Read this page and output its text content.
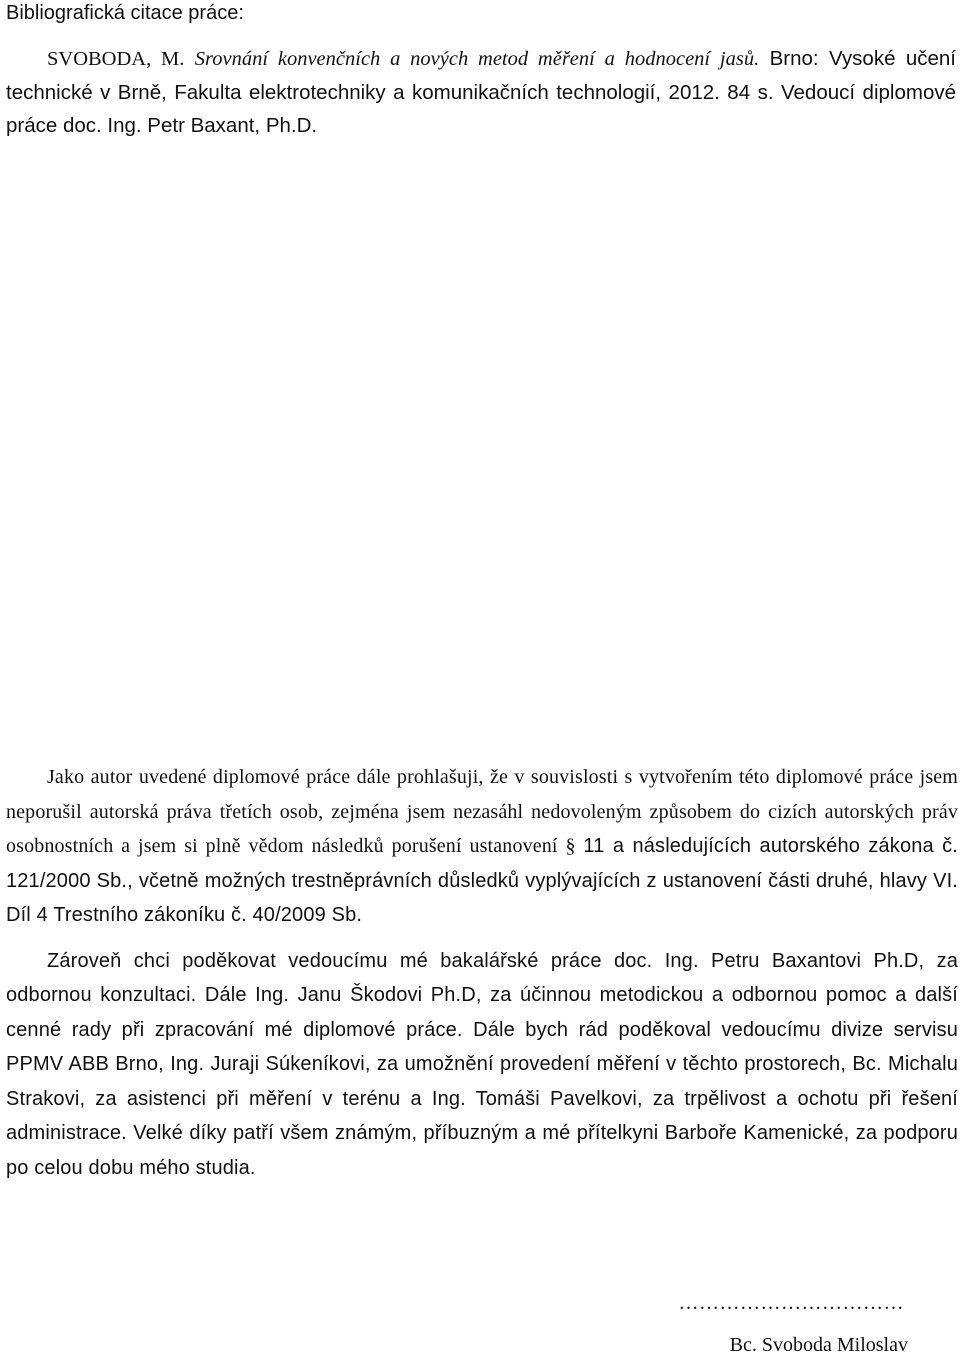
Bibliografická citace práce:
SVOBODA, M. Srovnání konvenčních a nových metod měření a hodnocení jasů. Brno: Vysoké učení technické v Brně, Fakulta elektrotechniky a komunikačních technologií, 2012. 84 s. Vedoucí diplomové práce doc. Ing. Petr Baxant, Ph.D.

Jako autor uvedené diplomové práce dále prohlašuji, že v souvislosti s vytvořením této diplomové práce jsem neporušil autorská práva třetích osob, zejména jsem nezasáhl nedovoleným způsobem do cizích autorských práv osobnostních a jsem si plně vědom následků porušení ustanovení § 11 a následujících autorského zákona č. 121/2000 Sb., včetně možných trestněprávních důsledků vyplývajících z ustanovení části druhé, hlavy VI. Díl 4 Trestního zákoníku č. 40/2009 Sb.

Zároveň chci poděkovat vedoucímu mé bakalářské práce doc. Ing. Petru Baxantovi Ph.D, za odbornou konzultaci. Dále Ing. Janu Škodovi Ph.D, za účinnou metodickou a odbornou pomoc a další cenné rady při zpracování mé diplomové práce. Dále bych rád poděkoval vedoucímu divize servisu PPMV ABB Brno, Ing. Juraji Súkeníkovi, za umožnění provedení měření v těchto prostorech, Bc. Michalu Strakovi, za asistenci při měření v terénu a Ing. Tomáši Pavelkovi, za trpělivost a ochotu při řešení administrace. Velké díky patří všem známým, příbuzným a mé přítelkyni Barboře Kamenické, za podporu po celou dobu mého studia.

……………………………
Bc. Svoboda Miloslav
